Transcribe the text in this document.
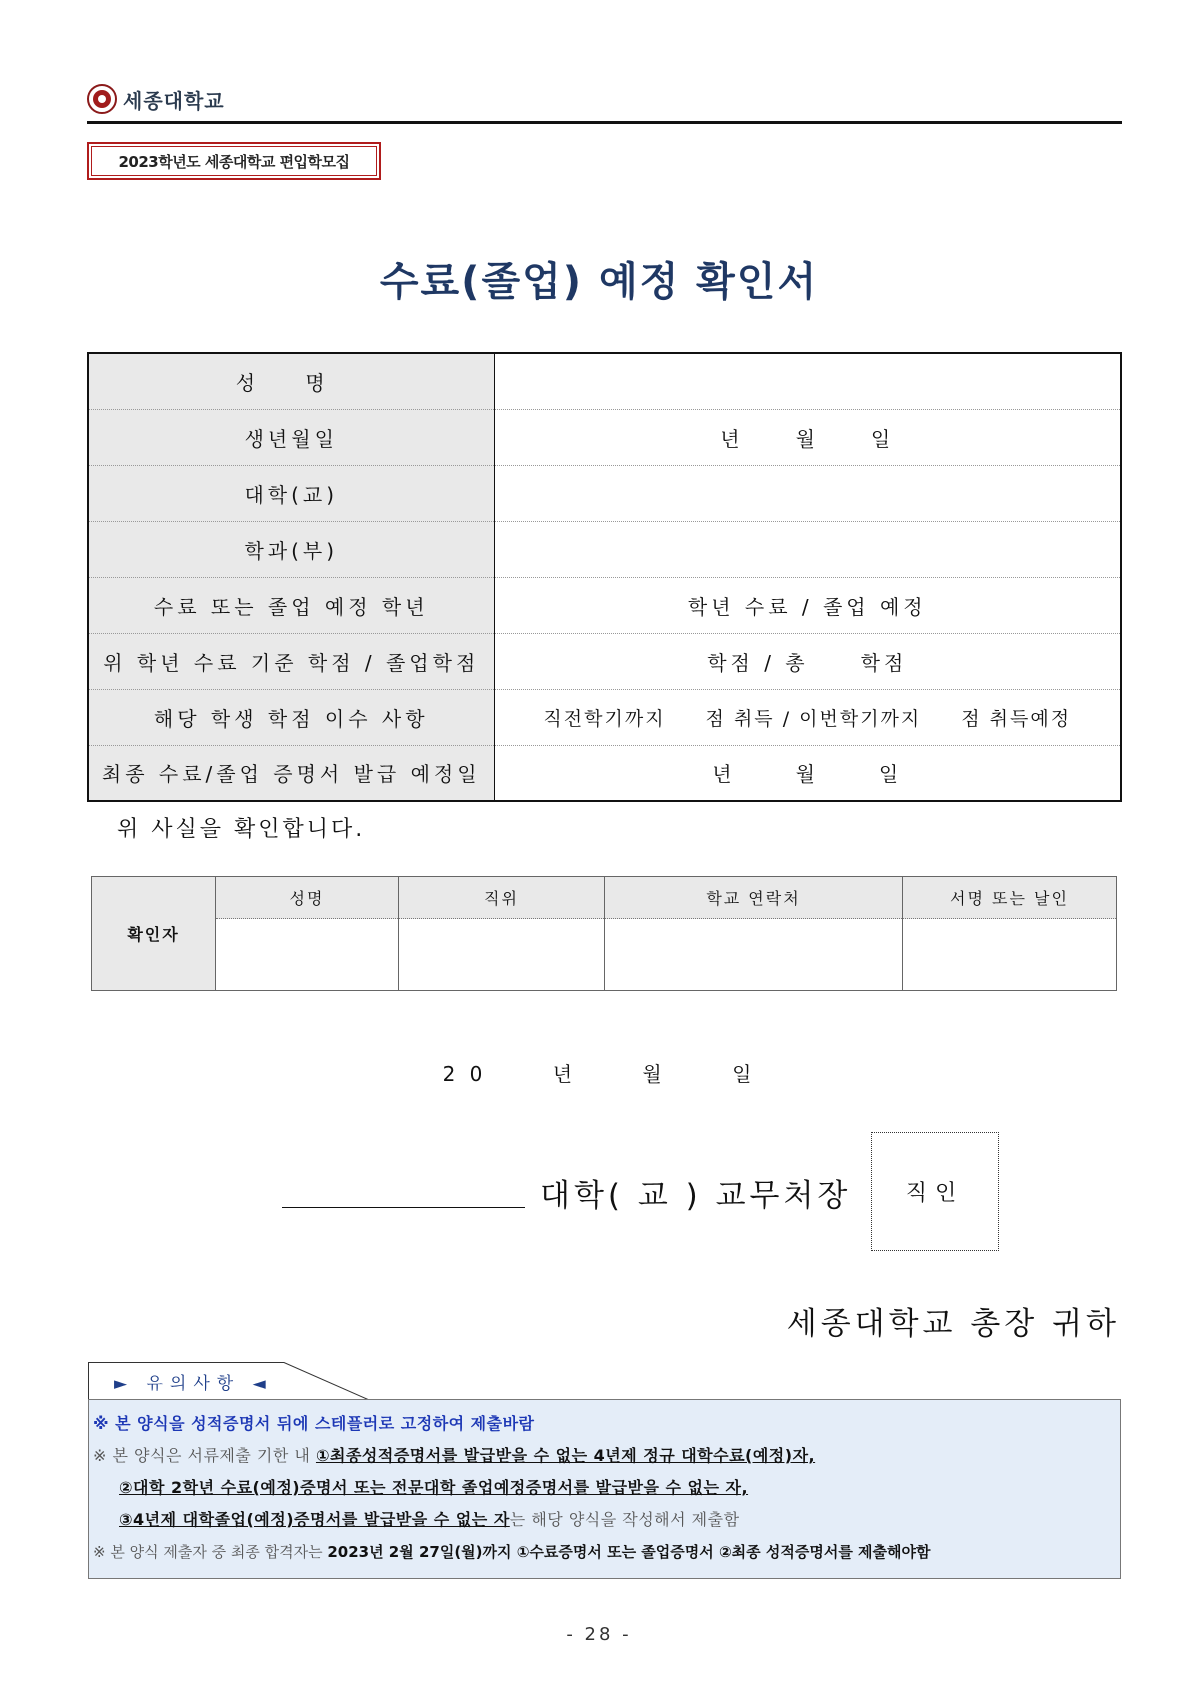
세종대학교
2023학년도 세종대학교 편입학모집
수료(졸업) 예정 확인서
성 명	
생년월일	년 월 일
대학(교)	
학과(부)	
수료 또는 졸업 예정 학년	학년 수료 / 졸업 예정
위 학년 수료 기준 학점 / 졸업학점	학점 / 총 학점
해당 학생 학점 이수 사항	직전학기까지 점 취득 / 이번학기까지 점 취득예정
최종 수료/졸업 증명서 발급 예정일	년 월 일
위 사실을 확인합니다.
확인자	성명	직위	학교 연락처	서명 또는 날인

2 0	년	월	일
대학( 교 ) 교무처장 직인
세종대학교 총장 귀하
► 유의사항 ◄
※ 본 양식을 성적증명서 뒤에 스테플러로 고정하여 제출바람
※ 본 양식은 서류제출 기한 내 ①최종성적증명서를 발급받을 수 없는 4년제 정규 대학수료(예정)자,
②대학 2학년 수료(예정)증명서 또는 전문대학 졸업예정증명서를 발급받을 수 없는 자,
③4년제 대학졸업(예정)증명서를 발급받을 수 없는 자는 해당 양식을 작성해서 제출함
※ 본 양식 제출자 중 최종 합격자는 2023년 2월 27일(월)까지 ①수료증명서 또는 졸업증명서 ②최종 성적증명서를 제출해야함
- 28 -
